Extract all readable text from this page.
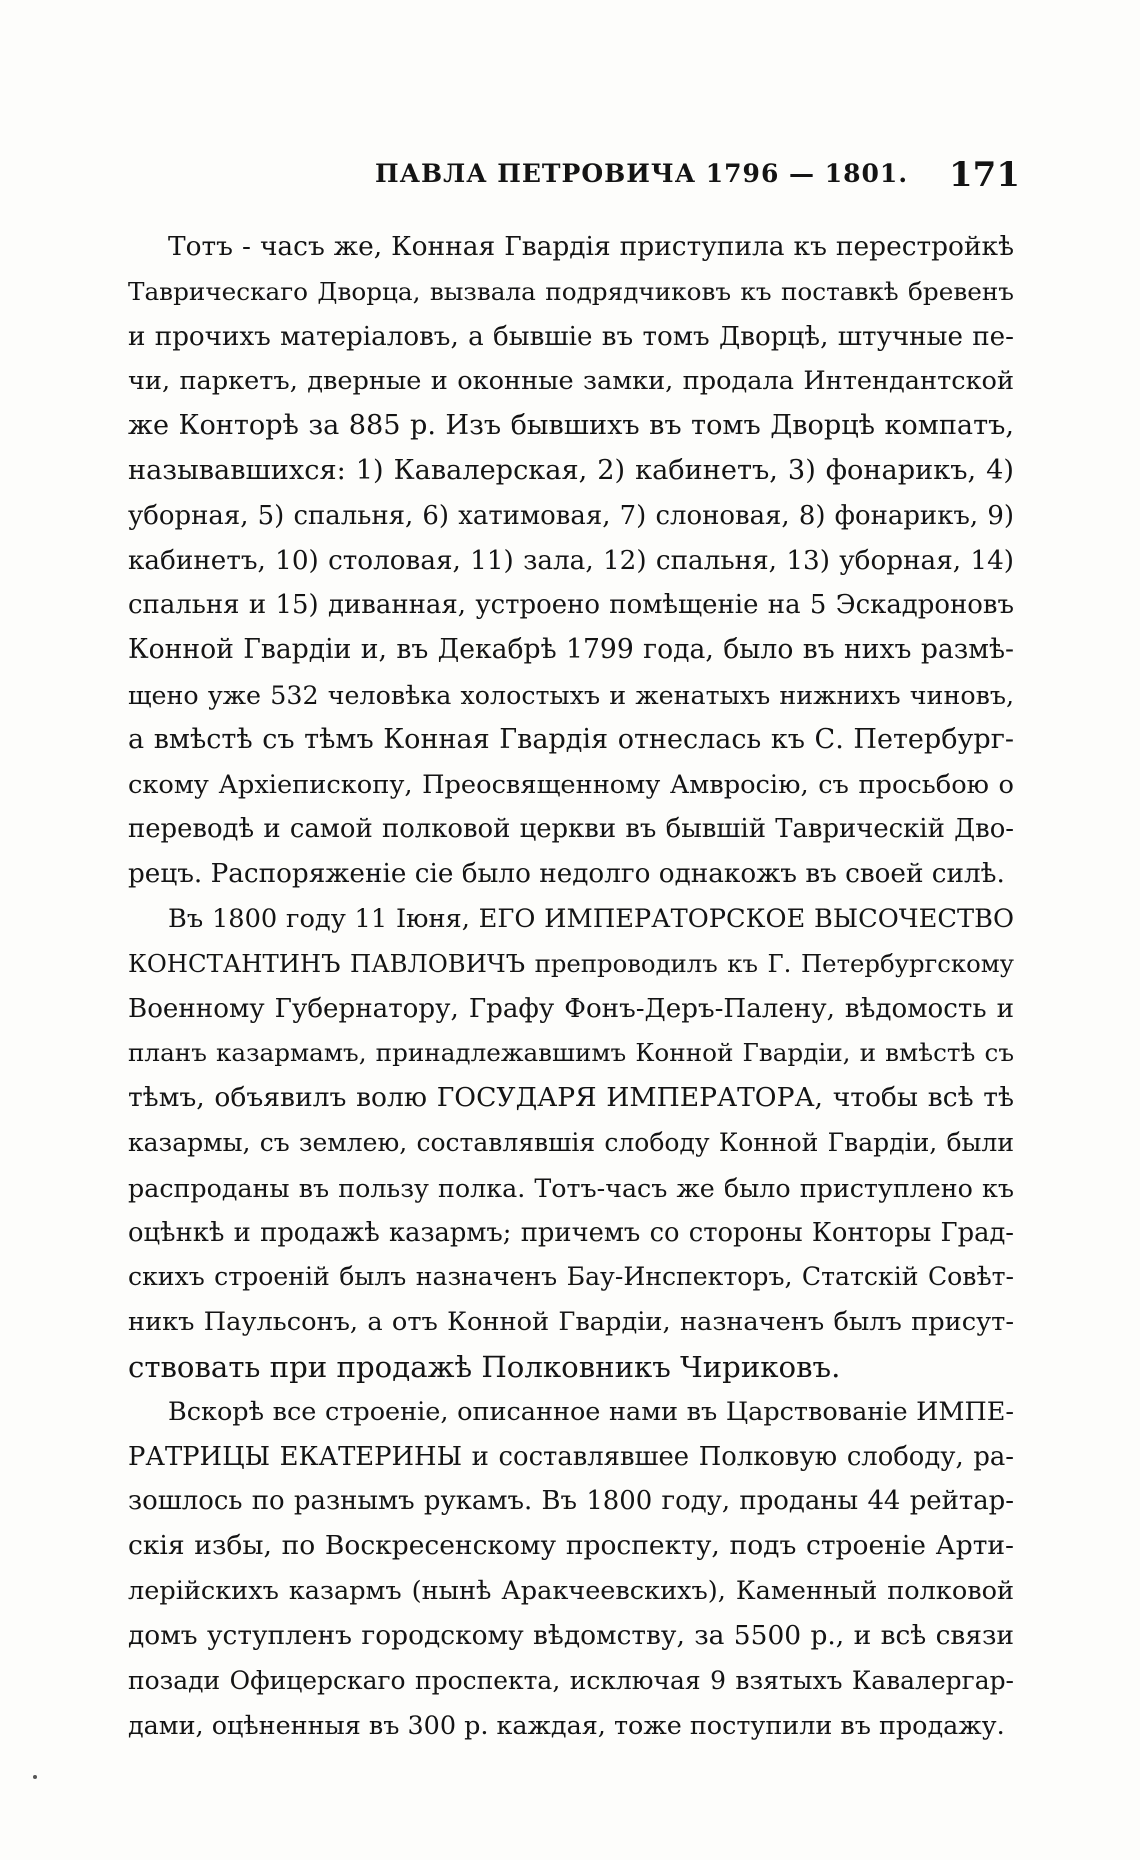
ПАВЛА ПЕТРОВИЧА 1796 — 1801. 171
Тотъ - часъ же, Конная Гвардія приступила къ перестройкѣ
Таврическаго Дворца, вызвала подрядчиковъ къ поставкѣ бревенъ
и прочихъ матеріаловъ, а бывшіе въ томъ Дворцѣ, штучные пе-
чи, паркетъ, дверные и оконные замки, продала Интендантской
же Конторѣ за 885 р. Изъ бывшихъ въ томъ Дворцѣ компатъ,
называвшихся: 1) Кавалерская, 2) кабинетъ, 3) фонарикъ, 4)
уборная, 5) спальня, 6) хатимовая, 7) слоновая, 8) фонарикъ, 9)
кабинетъ, 10) столовая, 11) зала, 12) спальня, 13) уборная, 14)
спальня и 15) диванная, устроено помѣщеніе на 5 Эскадроновъ
Конной Гвардіи и, въ Декабрѣ 1799 года, было въ нихъ размѣ-
щено уже 532 человѣка холостыхъ и женатыхъ нижнихъ чиновъ,
а вмѣстѣ съ тѣмъ Конная Гвардія отнеслась къ С. Петербург-
скому Архіепископу, Преосвященному Амвросію, съ просьбою о
переводѣ и самой полковой церкви въ бывшій Таврическій Дво-
рецъ. Распоряженіе сіе было недолго однакожъ въ своей силѣ.
Въ 1800 году 11 Іюня, ЕГО ИМПЕРАТОРСКОЕ ВЫСОЧЕСТВО
КОНСТАНТИНЪ ПАВЛОВИЧЪ препроводилъ къ Г. Петербургскому
Военному Губернатору, Графу Фонъ-Деръ-Палену, вѣдомость и
планъ казармамъ, принадлежавшимъ Конной Гвардіи, и вмѣстѣ съ
тѣмъ, объявилъ волю ГОСУДАРЯ ИМПЕРАТОРА, чтобы всѣ тѣ
казармы, съ землею, составлявшія слободу Конной Гвардіи, были
распроданы въ пользу полка. Тотъ-часъ же было приступлено къ
оцѣнкѣ и продажѣ казармъ; причемъ со стороны Конторы Град-
скихъ строеній былъ назначенъ Бау-Инспекторъ, Статскій Совѣт-
никъ Паульсонъ, а отъ Конной Гвардіи, назначенъ былъ присут-
ствовать при продажѣ Полковникъ Чириковъ.
Вскорѣ все строеніе, описанное нами въ Царствованіе ИМПЕ-
РАТРИЦЫ ЕКАТЕРИНЫ и составлявшее Полковую слободу, ра-
зошлось по разнымъ рукамъ. Въ 1800 году, проданы 44 рейтар-
скія избы, по Воскресенскому проспекту, подъ строеніе Арти-
лерійскихъ казармъ (нынѣ Аракчеевскихъ), Каменный полковой
домъ уступленъ городскому вѣдомству, за 5500 р., и всѣ связи
позади Офицерскаго проспекта, исключая 9 взятыхъ Кавалергар-
дами, оцѣненныя въ 300 р. каждая, тоже поступили въ продажу.
